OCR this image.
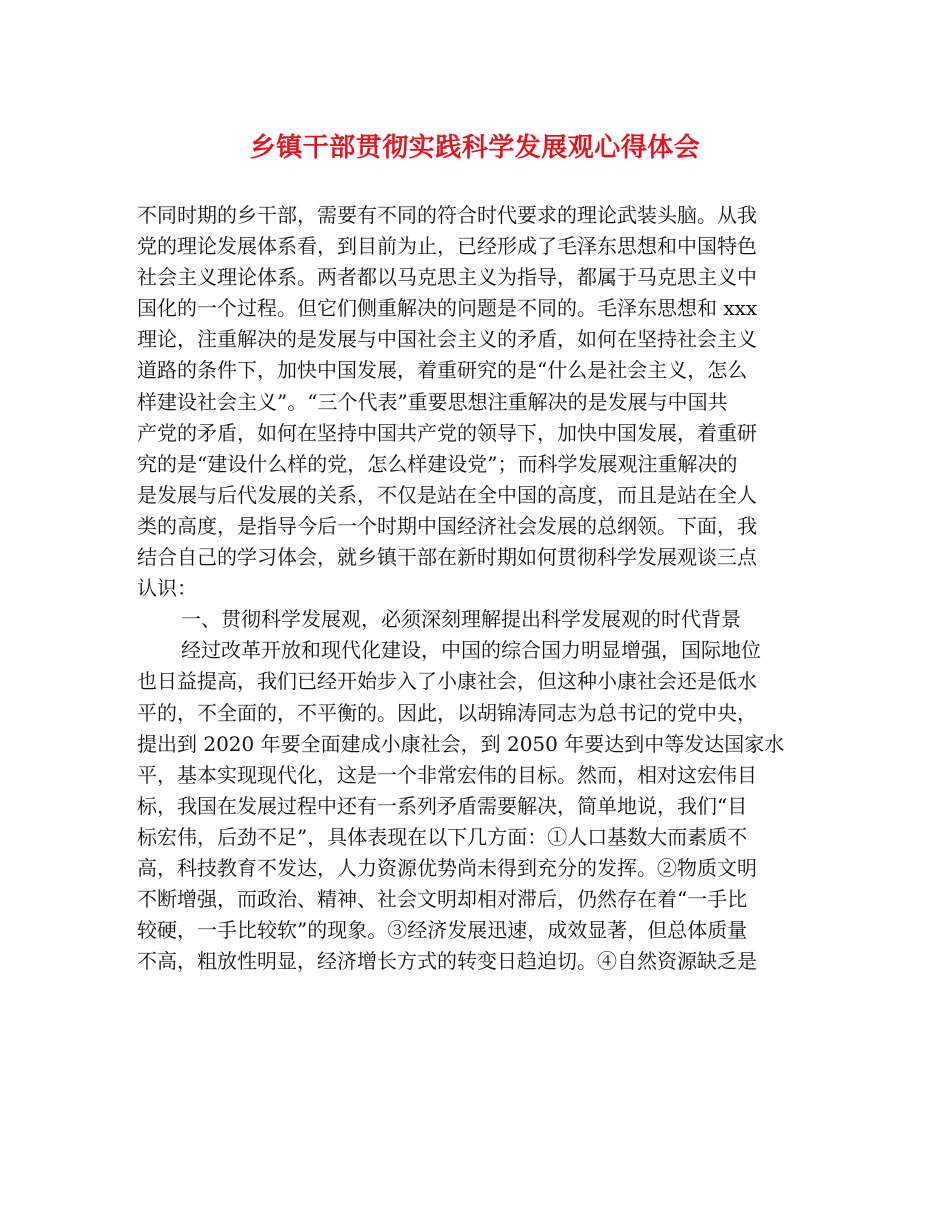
乡镇干部贯彻实践科学发展观心得体会
不同时期的乡干部，需要有不同的符合时代要求的理论武装头脑。从我
党的理论发展体系看，到目前为止，已经形成了毛泽东思想和中国特色
社会主义理论体系。两者都以马克思主义为指导，都属于马克思主义中
国化的一个过程。但它们侧重解决的问题是不同的。毛泽东思想和 xxx
理论，注重解决的是发展与中国社会主义的矛盾，如何在坚持社会主义
道路的条件下，加快中国发展，着重研究的是“什么是社会主义，怎么
样建设社会主义”。“三个代表”重要思想注重解决的是发展与中国共
产党的矛盾，如何在坚持中国共产党的领导下，加快中国发展，着重研
究的是“建设什么样的党，怎么样建设党”；而科学发展观注重解决的
是发展与后代发展的关系，不仅是站在全中国的高度，而且是站在全人
类的高度，是指导今后一个时期中国经济社会发展的总纲领。下面，我
结合自己的学习体会，就乡镇干部在新时期如何贯彻科学发展观谈三点
认识：
一、贯彻科学发展观，必须深刻理解提出科学发展观的时代背景
经过改革开放和现代化建设，中国的综合国力明显增强，国际地位
也日益提高，我们已经开始步入了小康社会，但这种小康社会还是低水
平的，不全面的，不平衡的。因此，以胡锦涛同志为总书记的党中央，
提出到 2020 年要全面建成小康社会，到 2050 年要达到中等发达国家水
平，基本实现现代化，这是一个非常宏伟的目标。然而，相对这宏伟目
标，我国在发展过程中还有一系列矛盾需要解决，简单地说，我们“目
标宏伟，后劲不足”，具体表现在以下几方面：①人口基数大而素质不
高，科技教育不发达，人力资源优势尚未得到充分的发挥。②物质文明
不断增强，而政治、精神、社会文明却相对滞后，仍然存在着“一手比
较硬，一手比较软”的现象。③经济发展迅速，成效显著，但总体质量
不高，粗放性明显，经济增长方式的转变日趋迫切。④自然资源缺乏是
